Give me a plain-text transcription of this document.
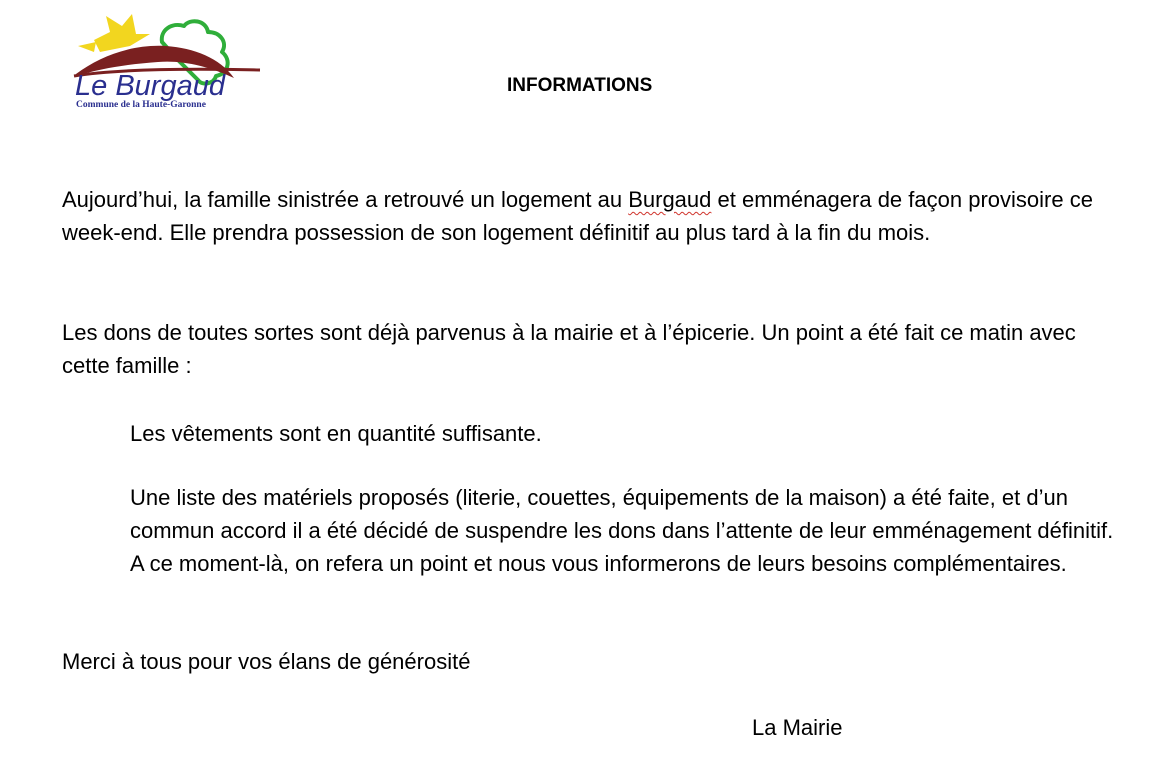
Le Burgaud
Commune de la Haute-Garonne
INFORMATIONS

Aujourd’hui, la famille sinistrée a retrouvé un logement au Burgaud et emménagera de façon provisoire ce week-end. Elle prendra possession de son logement définitif au plus tard à la fin du mois.

Les dons de toutes sortes sont déjà parvenus à la mairie et à l’épicerie. Un point a été fait ce matin avec cette famille :

Les vêtements sont en quantité suffisante.

Une liste des matériels proposés (literie, couettes, équipements de la maison) a été faite, et d’un commun accord il a été décidé de suspendre les dons dans l’attente de leur emménagement définitif. A ce moment-là, on refera un point et nous vous informerons de leurs besoins complémentaires.

Merci à tous pour vos élans de générosité

La Mairie
